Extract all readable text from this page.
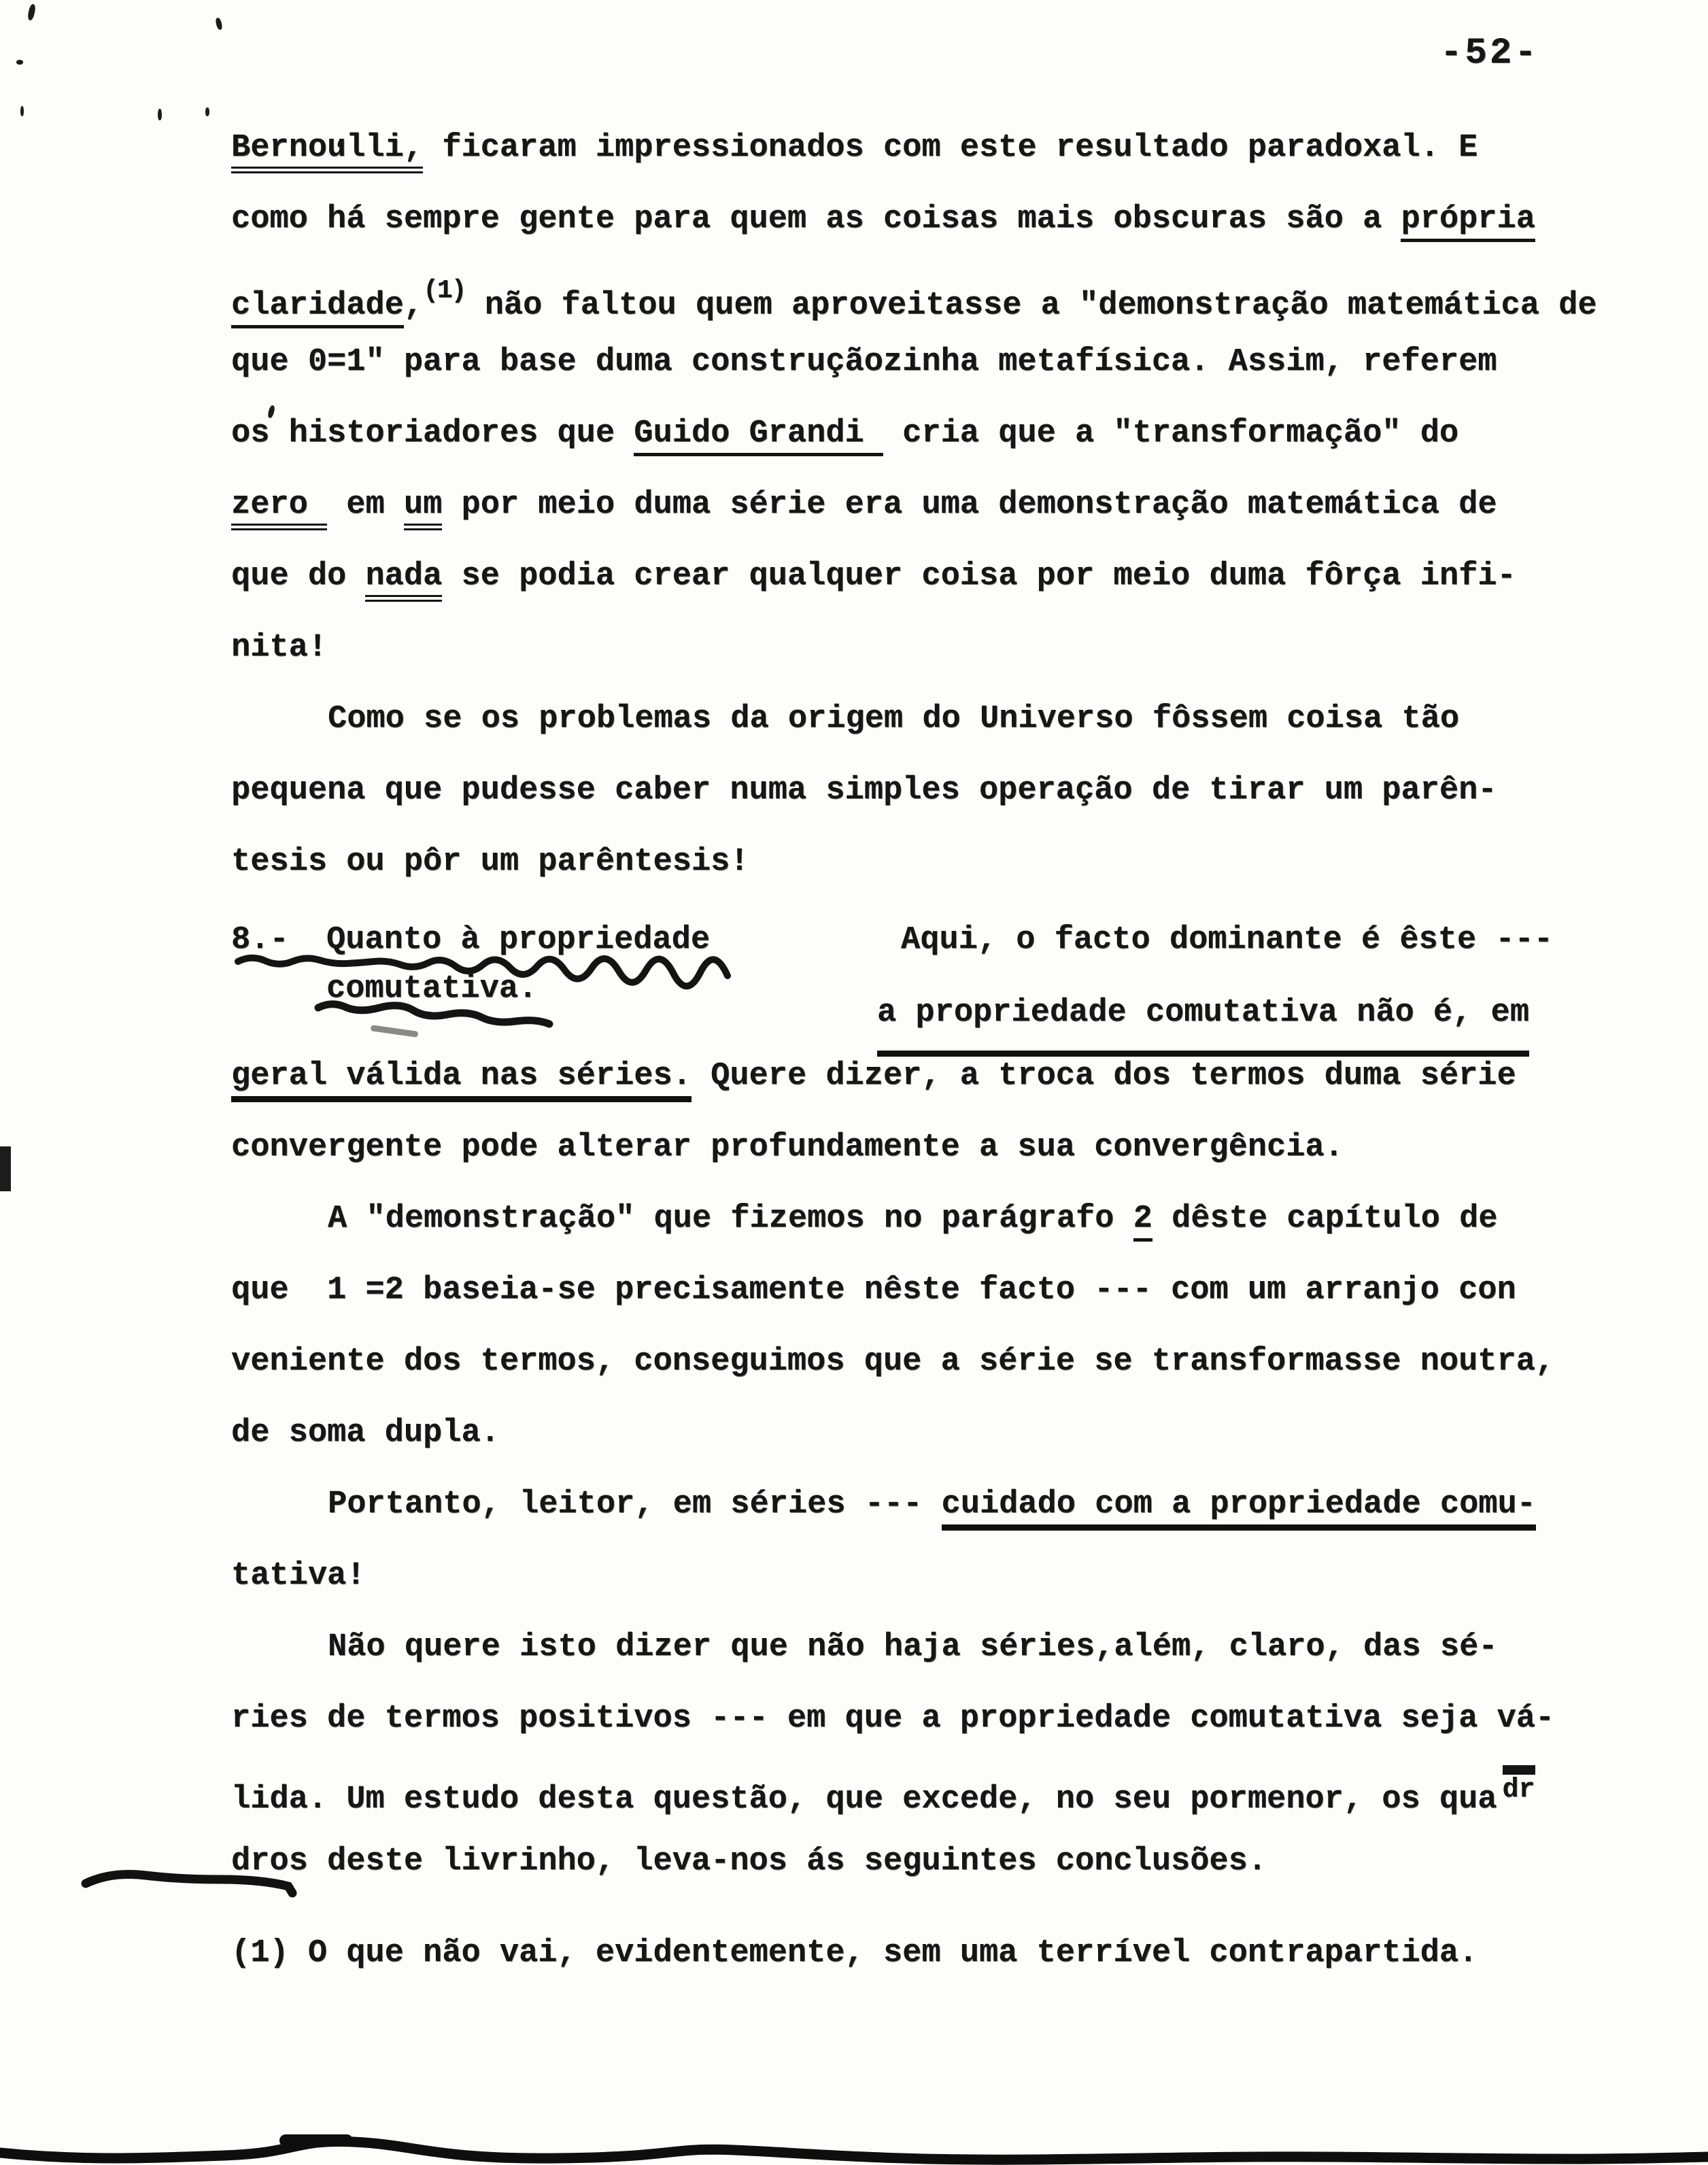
-52-
Bernoulli, ficaram impressionados com este resultado paradoxal. E
como há sempre gente para quem as coisas mais obscuras são a própria
claridade,$^{(1)}$ não faltou quem aproveitasse a "demonstração matemática de
que 0=1" para base duma construçãozinha metafísica. Assim, referem
os historiadores que Guido Grandi  cria que a "transformação" do
zero  em um por meio duma série era uma demonstração matemática de
que do nada se podia crear qualquer coisa por meio duma fôrça infi-
nita!
Como se os problemas da origem do Universo fôssem coisa tão
pequena que pudesse caber numa simples operação de tirar um parên-
tesis ou pôr um parêntesis!
8.- Quanto à propriedade	Aqui, o facto dominante é êste ---
comutativa.
a propriedade comutativa não é, em
geral válida nas séries. Quere dizer, a troca dos termos duma série
convergente pode alterar profundamente a sua convergência.
A "demonstração" que fizemos no parágrafo 2 dêste capítulo de
que  1 =2 baseia-se precisamente nêste facto --- com um arranjo con
veniente dos termos, conseguimos que a série se transformasse noutra,
de soma dupla.
Portanto, leitor, em séries --- cuidado com a propriedade comu-
tativa!
Não quere isto dizer que não haja séries,além, claro, das sé-
ries de termos positivos --- em que a propriedade comutativa seja vá-
lida. Um estudo desta questão, que excede, no seu pormenor, os qua dr
dros deste livrinho, leva-nos ás seguintes conclusões.
(1) O que não vai, evidentemente, sem uma terrível contrapartida.
